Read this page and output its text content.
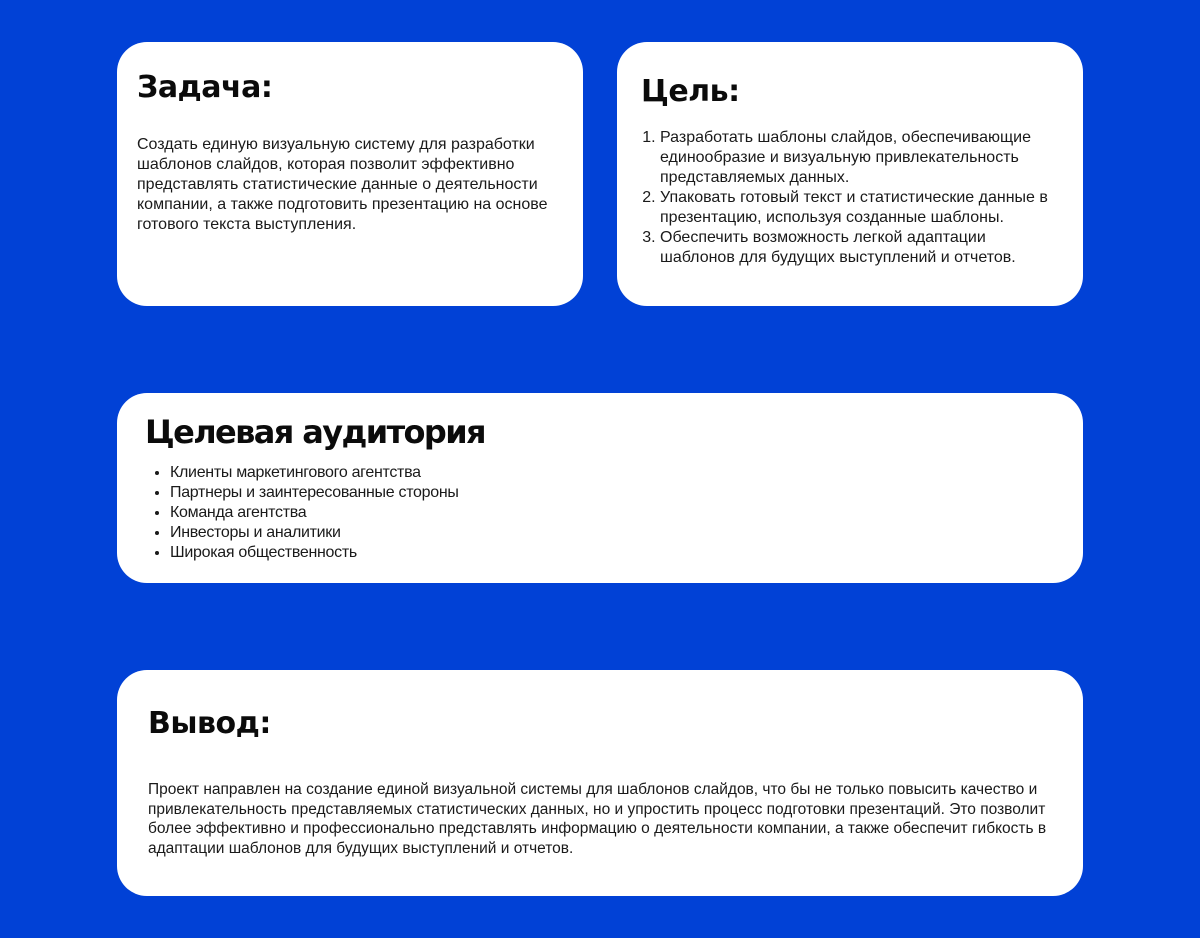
Задача:

Создать единую визуальную систему для разработки шаблонов слайдов, которая позволит эффективно представлять статистические данные о деятельности компании, а также подготовить презентацию на основе готового текста выступления.

Цель:
1. Разработать шаблоны слайдов, обеспечивающие единообразие и визуальную привлекательность представляемых данных.
2. Упаковать готовый текст и статистические данные в презентацию, используя созданные шаблоны.
3. Обеспечить возможность легкой адаптации шаблонов для будущих выступлений и отчетов.
Целевая аудитория
• Клиенты маркетингового агентства
• Партнеры и заинтересованные стороны
• Команда агентства
• Инвесторы и аналитики
• Широкая общественность
Вывод:

Проект направлен на создание единой визуальной системы для шаблонов слайдов, что бы не только повысить качество и привлекательность представляемых статистических данных, но и упростить процесс подготовки презентаций. Это позволит более эффективно и профессионально представлять информацию о деятельности компании, а также обеспечит гибкость в адаптации шаблонов для будущих выступлений и отчетов.
